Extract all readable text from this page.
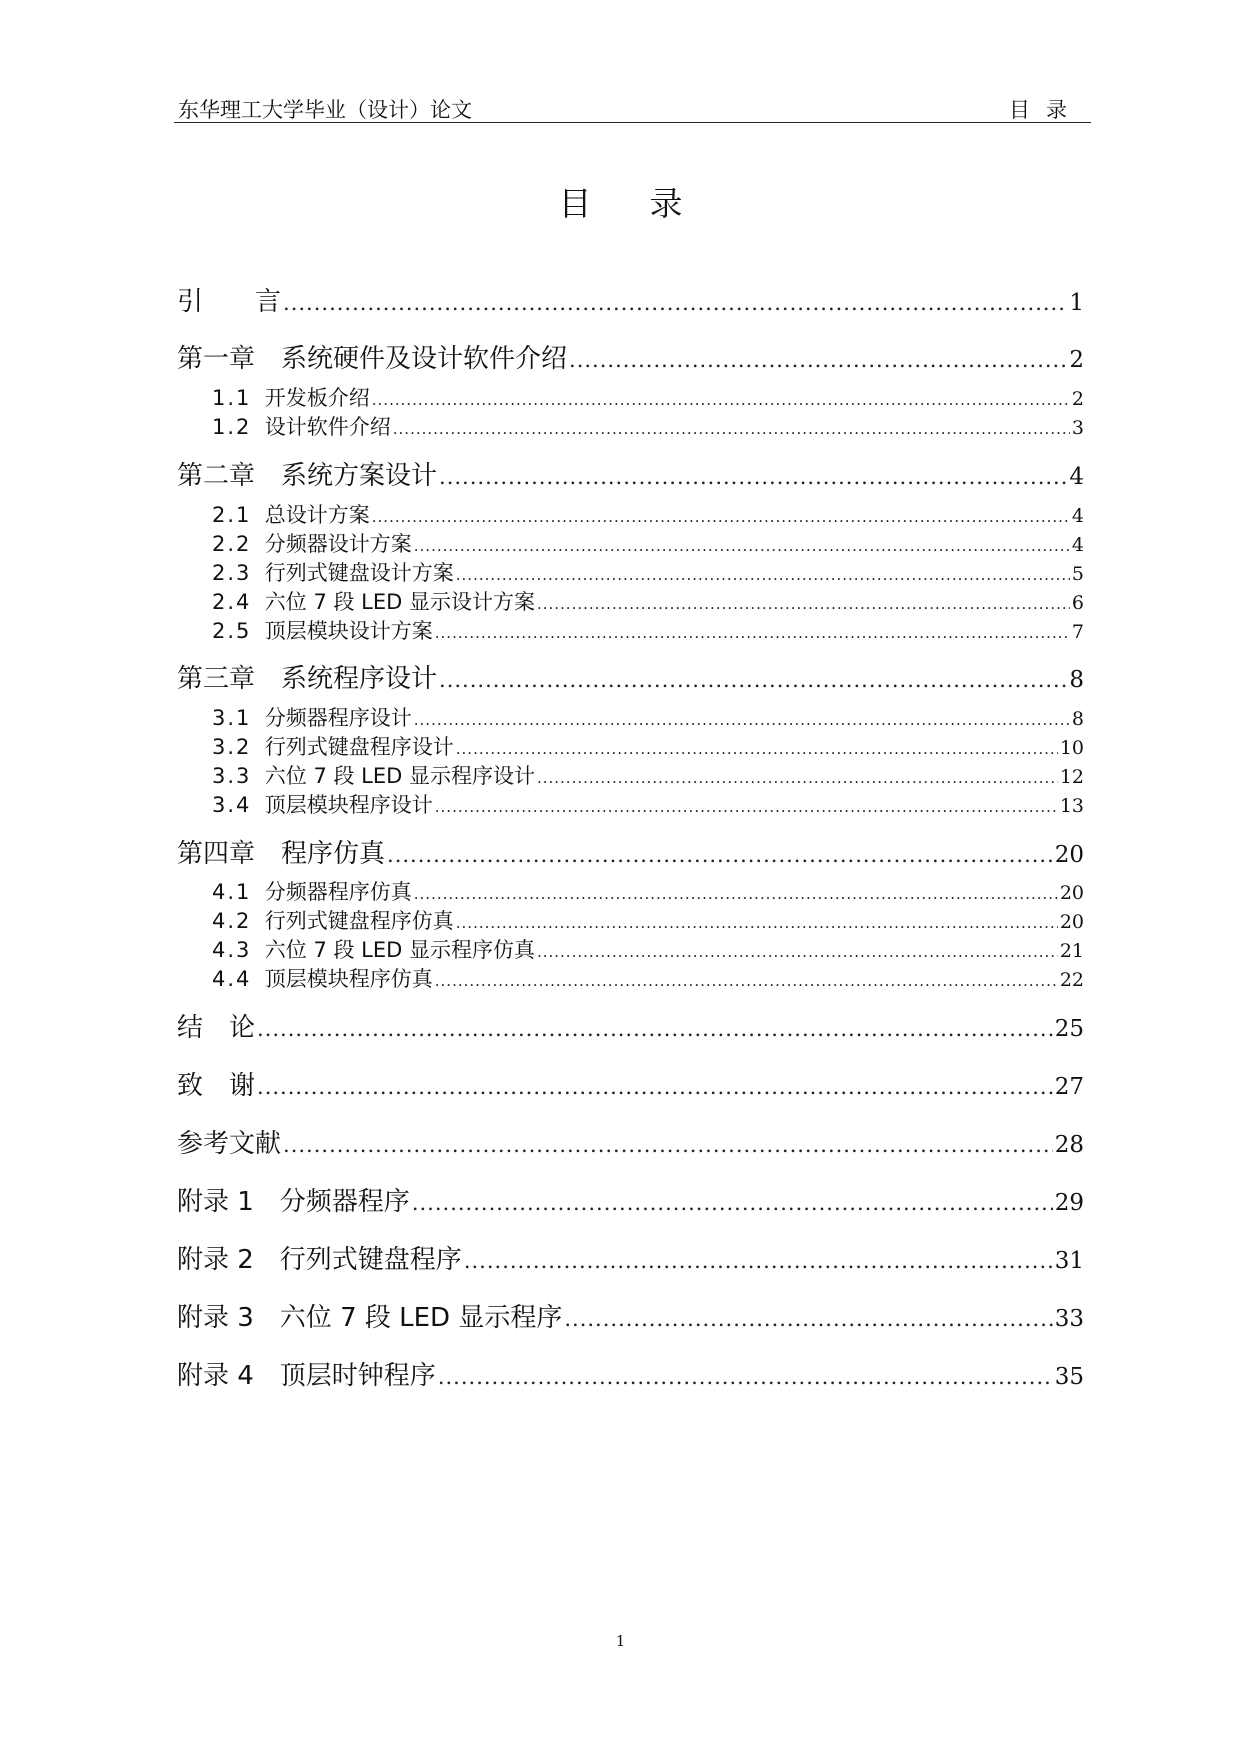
东华理工大学毕业（设计）论文	目录
目录
引　　言 .....	1
第一章　系统硬件及设计软件介绍 .....	2
1.1 开发板介绍 .....	2
1.2 设计软件介绍 .....	3
第二章　系统方案设计 .....	4
2.1 总设计方案 .....	4
2.2 分频器设计方案 .....	4
2.3 行列式键盘设计方案 .....	5
2.4 六位 7 段 LED 显示设计方案 .....	6
2.5 顶层模块设计方案 .....	7
第三章　系统程序设计 .....	8
3.1 分频器程序设计 .....	8
3.2 行列式键盘程序设计 .....	10
3.3 六位 7 段 LED 显示程序设计 .....	12
3.4 顶层模块程序设计 .....	13
第四章　程序仿真 .....	20
4.1 分频器程序仿真 .....	20
4.2 行列式键盘程序仿真 .....	20
4.3 六位 7 段 LED 显示程序仿真 .....	21
4.4 顶层模块程序仿真 .....	22
结　论 .....	25
致　谢 .....	27
参考文献 .....	28
附录 1　分频器程序 .....	29
附录 2　行列式键盘程序 .....	31
附录 3　六位 7 段 LED 显示程序 .....	33
附录 4　顶层时钟程序 .....	35
1
